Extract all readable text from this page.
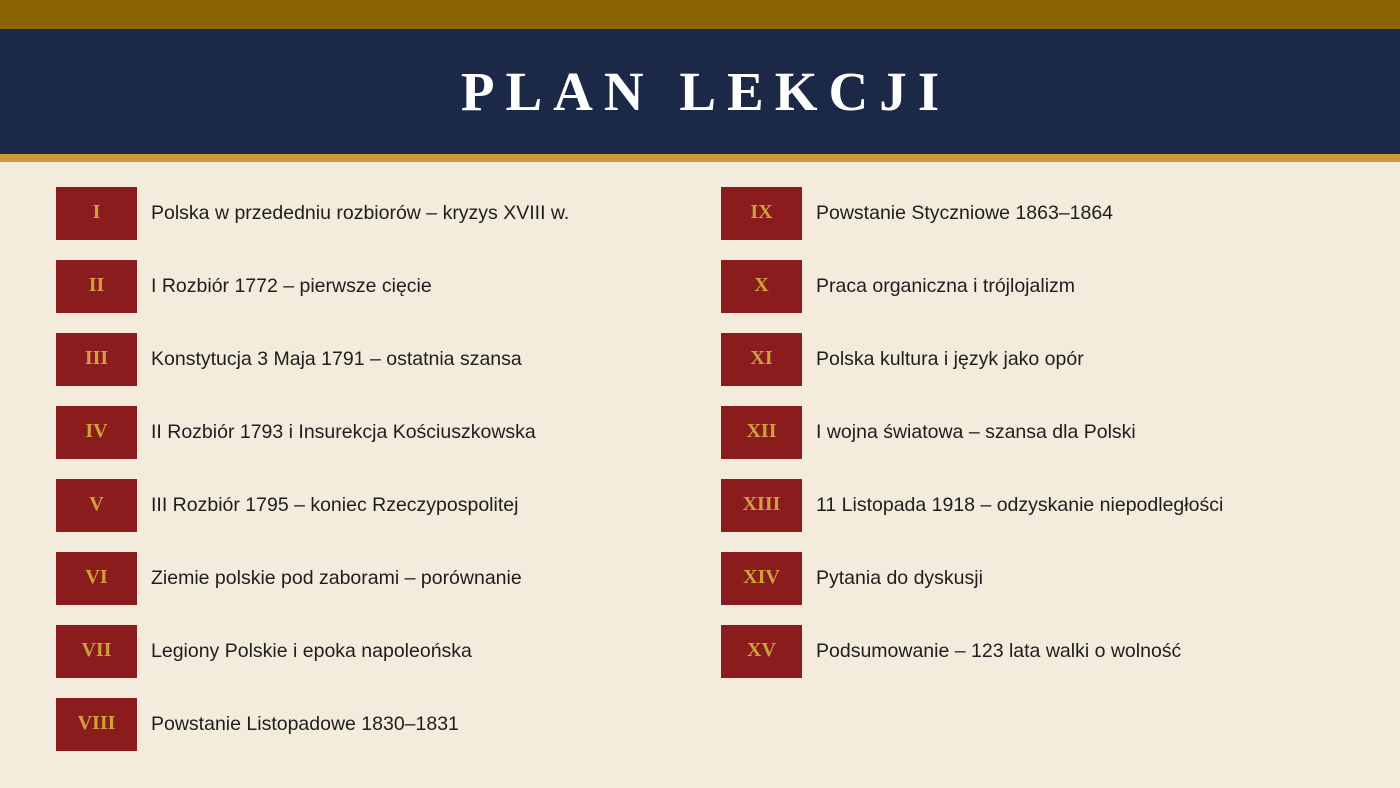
PLAN LEKCJI
I	Polska w przededniu rozbiorów – kryzys XVIII w.
II	I Rozbiór 1772 – pierwsze cięcie
III	Konstytucja 3 Maja 1791 – ostatnia szansa
IV	II Rozbiór 1793 i Insurekcja Kościuszkowska
V	III Rozbiór 1795 – koniec Rzeczypospolitej
VI	Ziemie polskie pod zaborami – porównanie
VII	Legiony Polskie i epoka napoleońska
VIII	Powstanie Listopadowe 1830–1831
IX	Powstanie Styczniowe 1863–1864
X	Praca organiczna i trójlojalizm
XI	Polska kultura i język jako opór
XII	I wojna światowa – szansa dla Polski
XIII	11 Listopada 1918 – odzyskanie niepodległości
XIV	Pytania do dyskusji
XV	Podsumowanie – 123 lata walki o wolność
